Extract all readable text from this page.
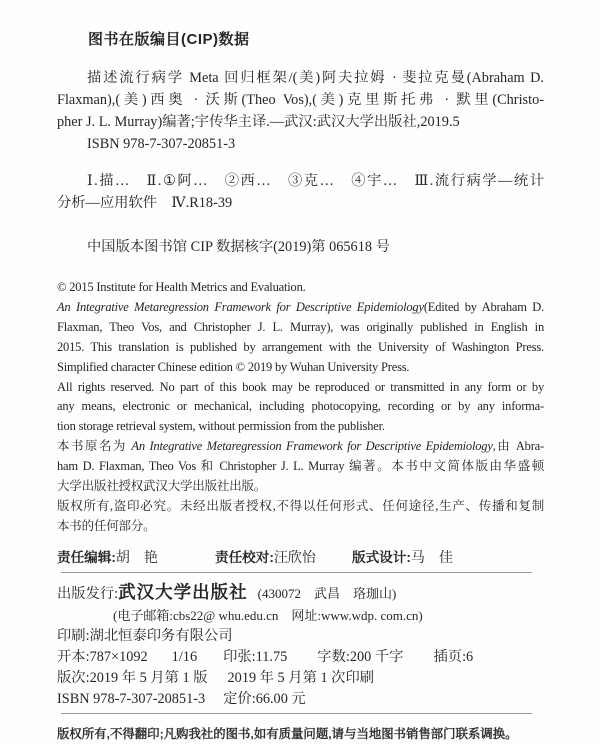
图书在版编目(CIP)数据
描述流行病学 Meta 回归框架/(美)阿夫拉姆 · 斐拉克曼(Abraham D.
Flaxman),(美)西奥 · 沃斯(Theo Vos),(美)克里斯托弗 · 默里(Christo-
pher J. L. Murray)编著;宇传华主译.—武汉:武汉大学出版社,2019.5
ISBN 978-7-307-20851-3
Ⅰ.描…　Ⅱ.①阿…　②西…　③克…　④宇…　Ⅲ.流行病学—统计
分析—应用软件　Ⅳ.R18-39
中国版本图书馆 CIP 数据核字(2019)第 065618 号
© 2015 Institute for Health Metrics and Evaluation.
An Integrative Metaregression Framework for Descriptive Epidemiology(Edited by Abraham D.
Flaxman, Theo Vos, and Christopher J. L. Murray), was originally published in English in
2015. This translation is published by arrangement with the University of Washington Press.
Simplified character Chinese edition © 2019 by Wuhan University Press.
All rights reserved. No part of this book may be reproduced or transmitted in any form or by
any means, electronic or mechanical, including photocopying, recording or by any informa-
tion storage retrieval system, without permission from the publisher.
本书原名为 An Integrative Metaregression Framework for Descriptive Epidemiology,由 Abra-
ham D. Flaxman, Theo Vos 和 Christopher J. L. Murray 编著。本书中文简体版由华盛顿
大学出版社授权武汉大学出版社出版。
版权所有,盗印必究。未经出版者授权,不得以任何形式、任何途径,生产、传播和复制
本书的任何部分。
责任编辑:胡　艳	责任校对:汪欣怡	版式设计:马　佳
出版发行:武汉大学出版社 (430072　武昌　珞珈山)
(电子邮箱:cbs22@ whu.edu.cn　网址:www.wdp. com.cn)
印刷:湖北恒泰印务有限公司
开本:787×1092 1/16 印张:11.75 字数:200 千字 插页:6
版次:2019 年 5 月第 1 版 2019 年 5 月第 1 次印刷
ISBN 978-7-307-20851-3 定价:66.00 元
版权所有,不得翻印;凡购我社的图书,如有质量问题,请与当地图书销售部门联系调换。
